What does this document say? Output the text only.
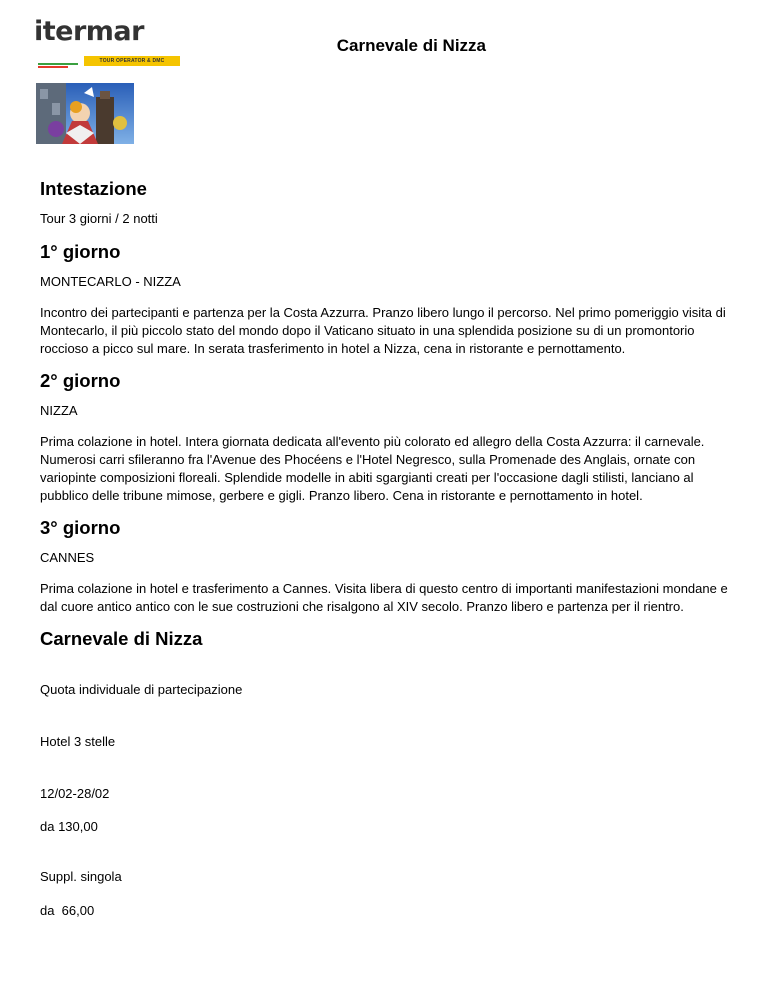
itermar
TOUR OPERATOR & DMC
Carnevale di Nizza
Intestazione

Tour 3 giorni / 2 notti

1° giorno

MONTECARLO - NIZZA

Incontro dei partecipanti e partenza per la Costa Azzurra. Pranzo libero lungo il percorso. Nel primo pomeriggio visita di Montecarlo, il più piccolo stato del mondo dopo il Vaticano situato in una splendida posizione su di un promontorio roccioso a picco sul mare. In serata trasferimento in hotel a Nizza, cena in ristorante e pernottamento.

2° giorno

NIZZA

Prima colazione in hotel. Intera giornata dedicata all'evento più colorato ed allegro della Costa Azzurra: il carnevale. Numerosi carri sfileranno fra l'Avenue des Phocéens e l'Hotel Negresco, sulla Promenade des Anglais, ornate con variopinte composizioni floreali. Splendide modelle in abiti sgargianti creati per l'occasione dagli stilisti, lanciano al pubblico delle tribune mimose, gerbere e gigli. Pranzo libero. Cena in ristorante e pernottamento in hotel.

3° giorno

CANNES

Prima colazione in hotel e trasferimento a Cannes. Visita libera di questo centro di importanti manifestazioni mondane e dal cuore antico antico con le sue costruzioni che risalgono al XIV secolo. Pranzo libero e partenza per il rientro.

Carnevale di Nizza

Quota individuale di partecipazione

Hotel 3 stelle

12/02-28/02

da 130,00

Suppl. singola

da  66,00
